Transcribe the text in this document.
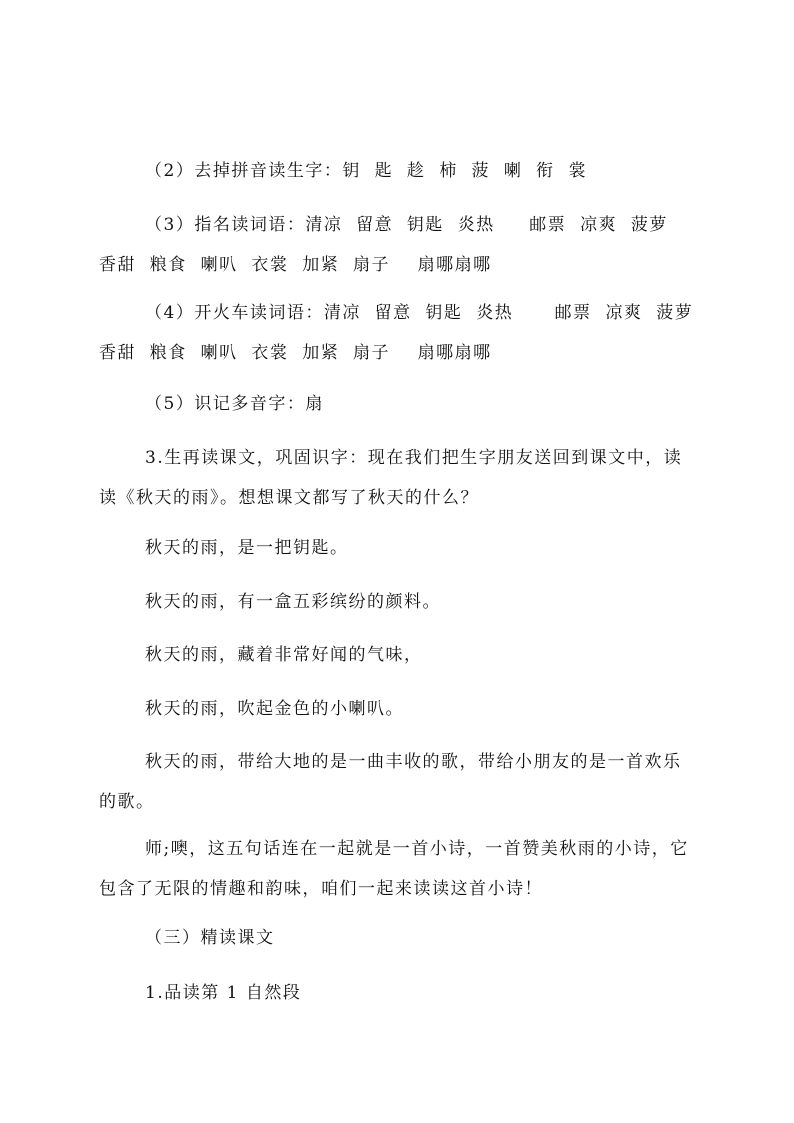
（2）去掉拼音读生字：钥  匙  趁  柿  菠  喇  衔  裳

（3）指名读词语：清凉  留意  钥匙  炎热     邮票  凉爽  菠萝  香甜  粮食  喇叭  衣裳  加紧  扇子    扇哪扇哪

（4）开火车读词语：清凉  留意  钥匙  炎热      邮票  凉爽  菠萝  香甜  粮食  喇叭  衣裳  加紧  扇子    扇哪扇哪

（5）识记多音字：扇

3.生再读课文，巩固识字：现在我们把生字朋友送回到课文中，读读《秋天的雨》。想想课文都写了秋天的什么？

秋天的雨，是一把钥匙。

秋天的雨，有一盒五彩缤纷的颜料。

秋天的雨，藏着非常好闻的气味，

秋天的雨，吹起金色的小喇叭。

秋天的雨，带给大地的是一曲丰收的歌，带给小朋友的是一首欢乐的歌。

师;噢，这五句话连在一起就是一首小诗，一首赞美秋雨的小诗，它包含了无限的情趣和韵味，咱们一起来读读这首小诗！

（三）精读课文

1.品读第 1 自然段
